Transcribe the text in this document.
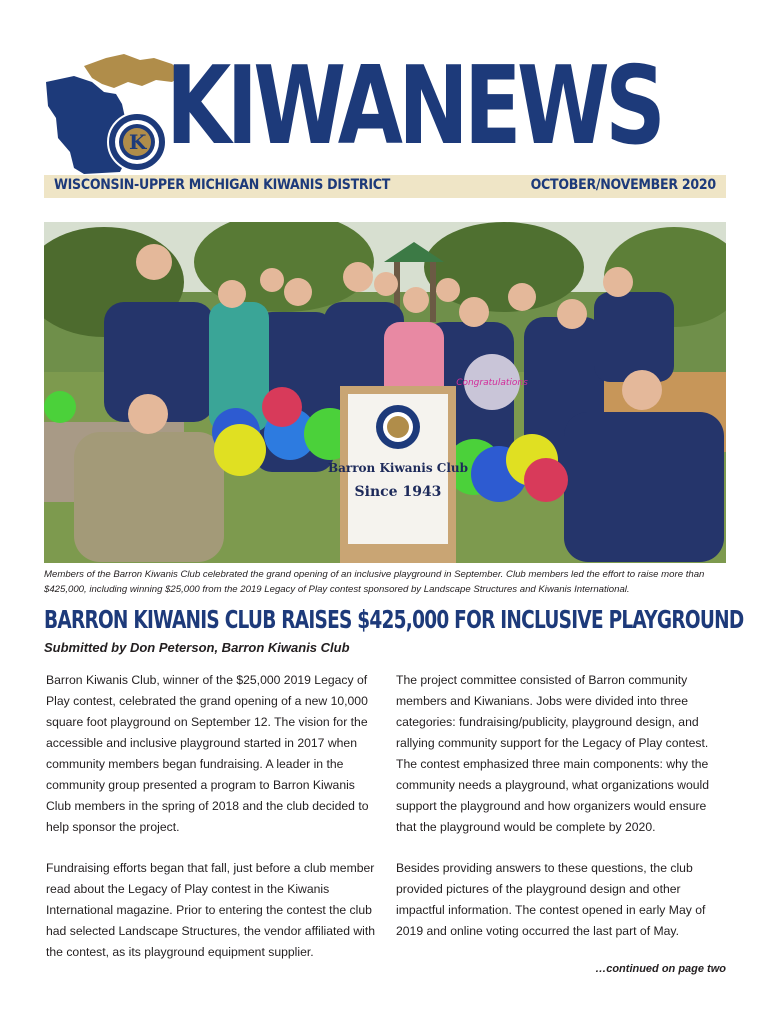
K KIWANEWS
WISCONSIN-UPPER MICHIGAN KIWANIS DISTRICT	OCTOBER/NOVEMBER 2020
Congratulations
Barron Kiwanis Club
Since 1943
Members of the Barron Kiwanis Club celebrated the grand opening of an inclusive playground in September. Club members led the effort to raise more than $425,000, including winning $25,000 from the 2019 Legacy of Play contest sponsored by Landscape Structures and Kiwanis International.
BARRON KIWANIS CLUB RAISES $425,000 FOR INCLUSIVE PLAYGROUND
Submitted by Don Peterson, Barron Kiwanis Club

Barron Kiwanis Club, winner of the $25,000 2019 Legacy of Play contest, celebrated the grand opening of a new 10,000 square foot playground on September 12. The vision for the accessible and inclusive playground started in 2017 when community members began fundraising. A leader in the community group presented a program to Barron Kiwanis Club members in the spring of 2018 and the club decided to help sponsor the project.

Fundraising efforts began that fall, just before a club member read about the Legacy of Play contest in the Kiwanis International magazine. Prior to entering the contest the club had selected Landscape Structures, the vendor affiliated with the contest, as its playground equipment supplier.

The project committee consisted of Barron community members and Kiwanians. Jobs were divided into three categories: fundraising/publicity, playground design, and rallying community support for the Legacy of Play contest. The contest emphasized three main components: why the community needs a playground, what organizations would support the playground and how organizers would ensure that the playground would be complete by 2020.

Besides providing answers to these questions, the club provided pictures of the playground design and other impactful information. The contest opened in early May of 2019 and online voting occurred the last part of May.

…continued on page two
